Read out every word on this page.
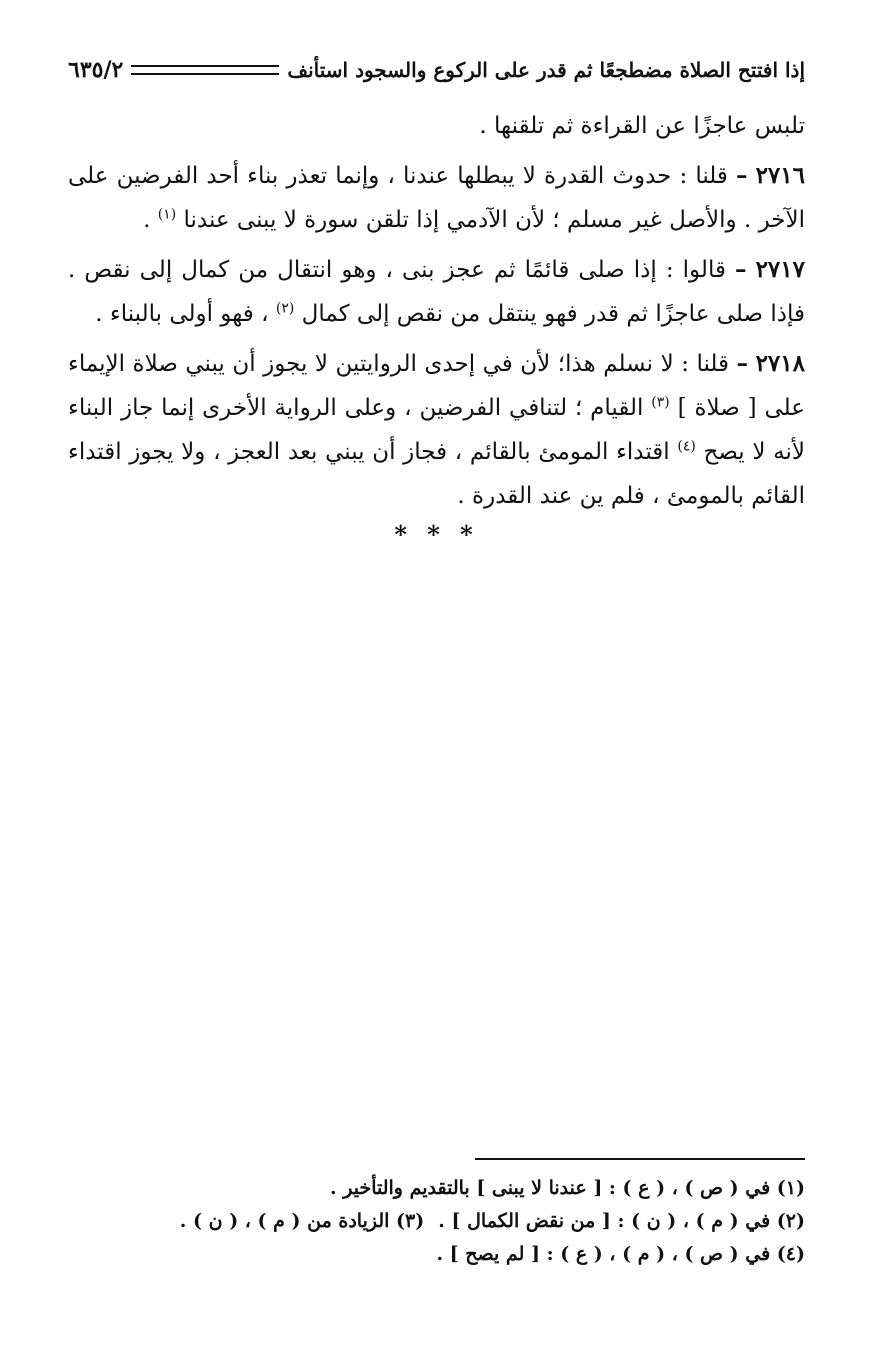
إذا افتتح الصلاة مضطجعًا ثم قدر على الركوع والسجود استأنف
٦٣٥/٢

تلبس عاجزًا عن القراءة ثم تلقنها .

٢٧١٦ – قلنا : حدوث القدرة لا يبطلها عندنا ، وإنما تعذر بناء أحد الفرضين على الآخر . والأصل غير مسلم ؛ لأن الآدمي إذا تلقن سورة لا يبنى عندنا $^{(١)}$ .

٢٧١٧ – قالوا : إذا صلى قائمًا ثم عجز بنى ، وهو انتقال من كمال إلى نقص . فإذا صلى عاجزًا ثم قدر فهو ينتقل من نقص إلى كمال $^{(٢)}$ ، فهو أولى بالبناء .

٢٧١٨ – قلنا : لا نسلم هذا؛ لأن في إحدى الروايتين لا يجوز أن يبني صلاة الإيماء على [ صلاة ] $^{(٣)}$ القيام ؛ لتنافي الفرضين ، وعلى الرواية الأخرى إنما جاز البناء لأنه لا يصح $^{(٤)}$ اقتداء المومئ بالقائم ، فجاز أن يبني بعد العجز ، ولا يجوز اقتداء القائم بالمومئ ، فلم ين عند القدرة .

* * *

(١) في ( ص ) ، ( ع ) : [ عندنا لا يبنى ] بالتقديم والتأخير .

(٢) في ( م ) ، ( ن ) : [ من نقض الكمال ] .(٣) الزيادة من ( م ) ، ( ن ) .

(٤) في ( ص ) ، ( م ) ، ( ع ) : [ لم يصح ] .
